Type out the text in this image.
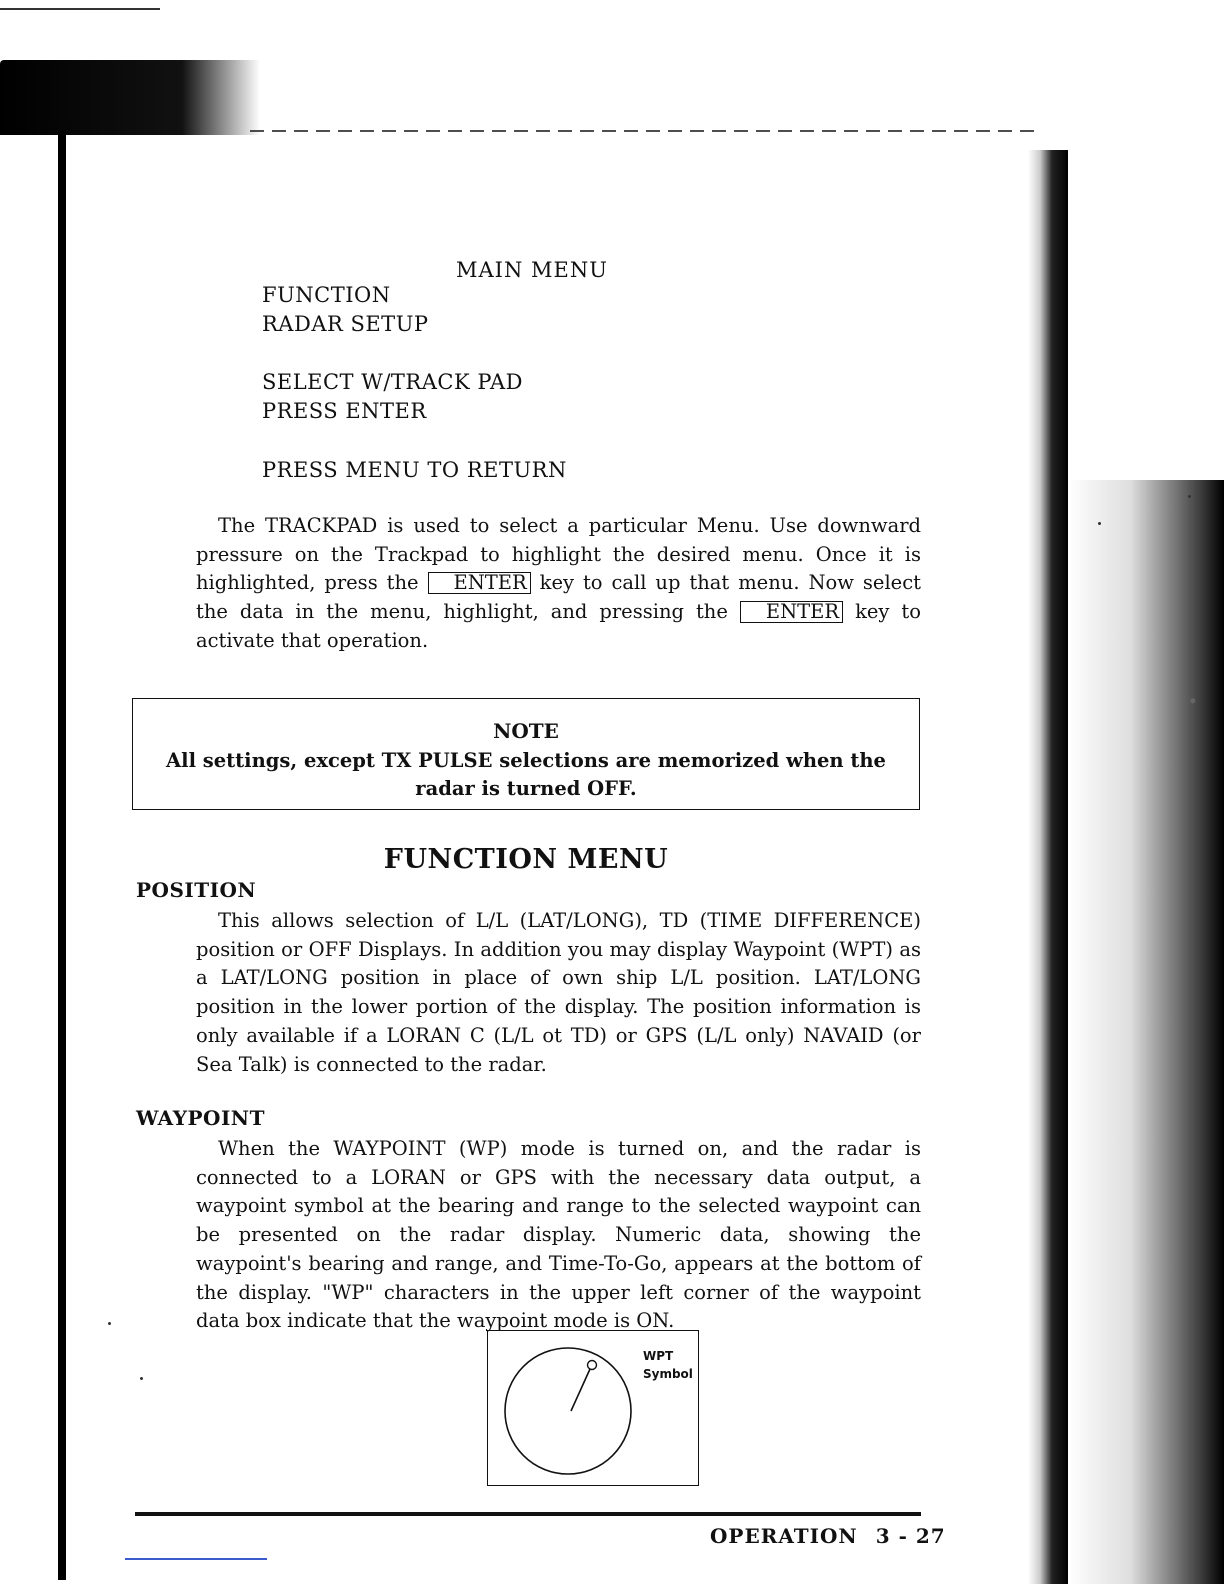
MAIN MENU
FUNCTION
RADAR SETUP
SELECT W/TRACK PAD
PRESS ENTER
PRESS MENU TO RETURN
The TRACKPAD is used to select a particular Menu. Use downward pressure on the Trackpad to highlight the desired menu. Once it is highlighted, press the ENTER key to call up that menu. Now select the data in the menu, highlight, and pressing the ENTER key to activate that operation.
NOTE
All settings, except TX PULSE selections are memorized when the radar is turned OFF.
FUNCTION MENU
POSITION
This allows selection of L/L (LAT/LONG), TD (TIME DIFFERENCE) position or OFF Displays. In addition you may display Waypoint (WPT) as a LAT/LONG position in place of own ship L/L position. LAT/LONG position in the lower portion of the display. The position information is only available if a LORAN C (L/L ot TD) or GPS (L/L only) NAVAID (or Sea Talk) is connected to the radar.
WAYPOINT
When the WAYPOINT (WP) mode is turned on, and the radar is connected to a LORAN or GPS with the necessary data output, a waypoint symbol at the bearing and range to the selected waypoint can be presented on the radar display. Numeric data, showing the waypoint's bearing and range, and Time-To-Go, appears at the bottom of the display. "WP" characters in the upper left corner of the waypoint data box indicate that the waypoint mode is ON.
WPT
Symbol
OPERATION 3 - 27
